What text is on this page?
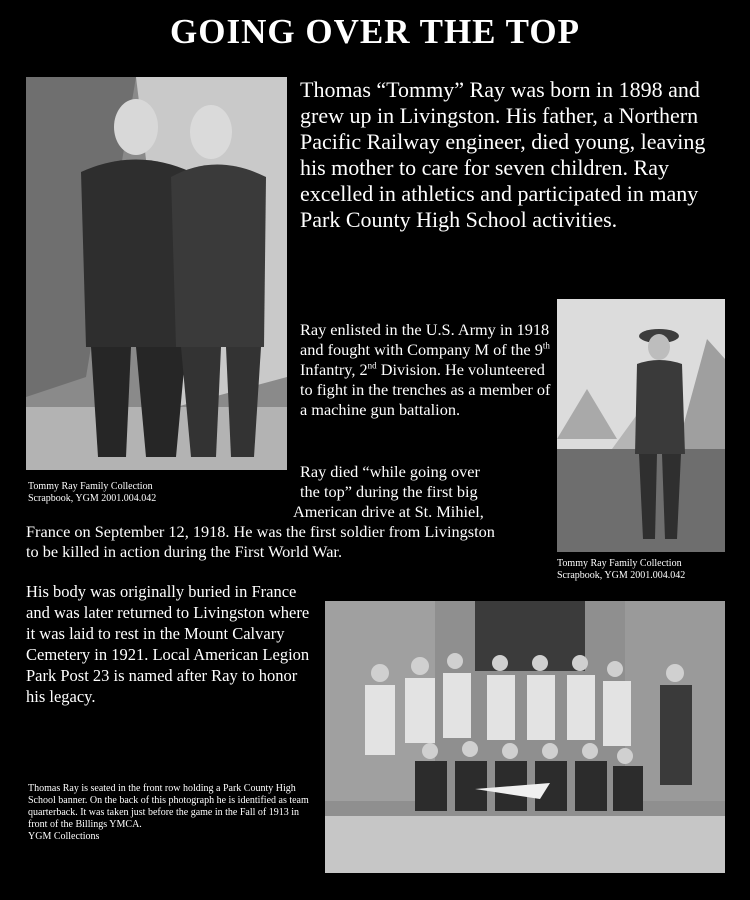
GOING OVER THE TOP
Tommy Ray Family Collection
Scrapbook, YGM 2001.004.042
Thomas “Tommy” Ray was born in 1898 and grew up in Livingston. His father, a Northern Pacific Railway engineer, died young, leaving his mother to care for seven children. Ray excelled in athletics and participated in many Park County High School activities.
Ray enlisted in the U.S. Army in 1918 and fought with Company M of the 9th Infantry, 2nd Division. He volunteered to fight in the trenches as a member of a machine gun battalion.
Tommy Ray Family Collection
Scrapbook, YGM 2001.004.042
Ray died “while going over
the top” during the first big
American drive at St. Mihiel,
France on September 12, 1918. He was the first soldier from Livingston
to be killed in action during the First World War.
His body was originally buried in France and was later returned to Livingston where it was laid to rest in the Mount Calvary Cemetery in 1921. Local American Legion Park Post 23 is named after Ray to honor his legacy.
Thomas Ray is seated in the front row holding a Park County High School banner. On the back of this photograph he is identified as team quarterback. It was taken just before the game in the Fall of 1913 in front of the Billings YMCA.
YGM Collections
